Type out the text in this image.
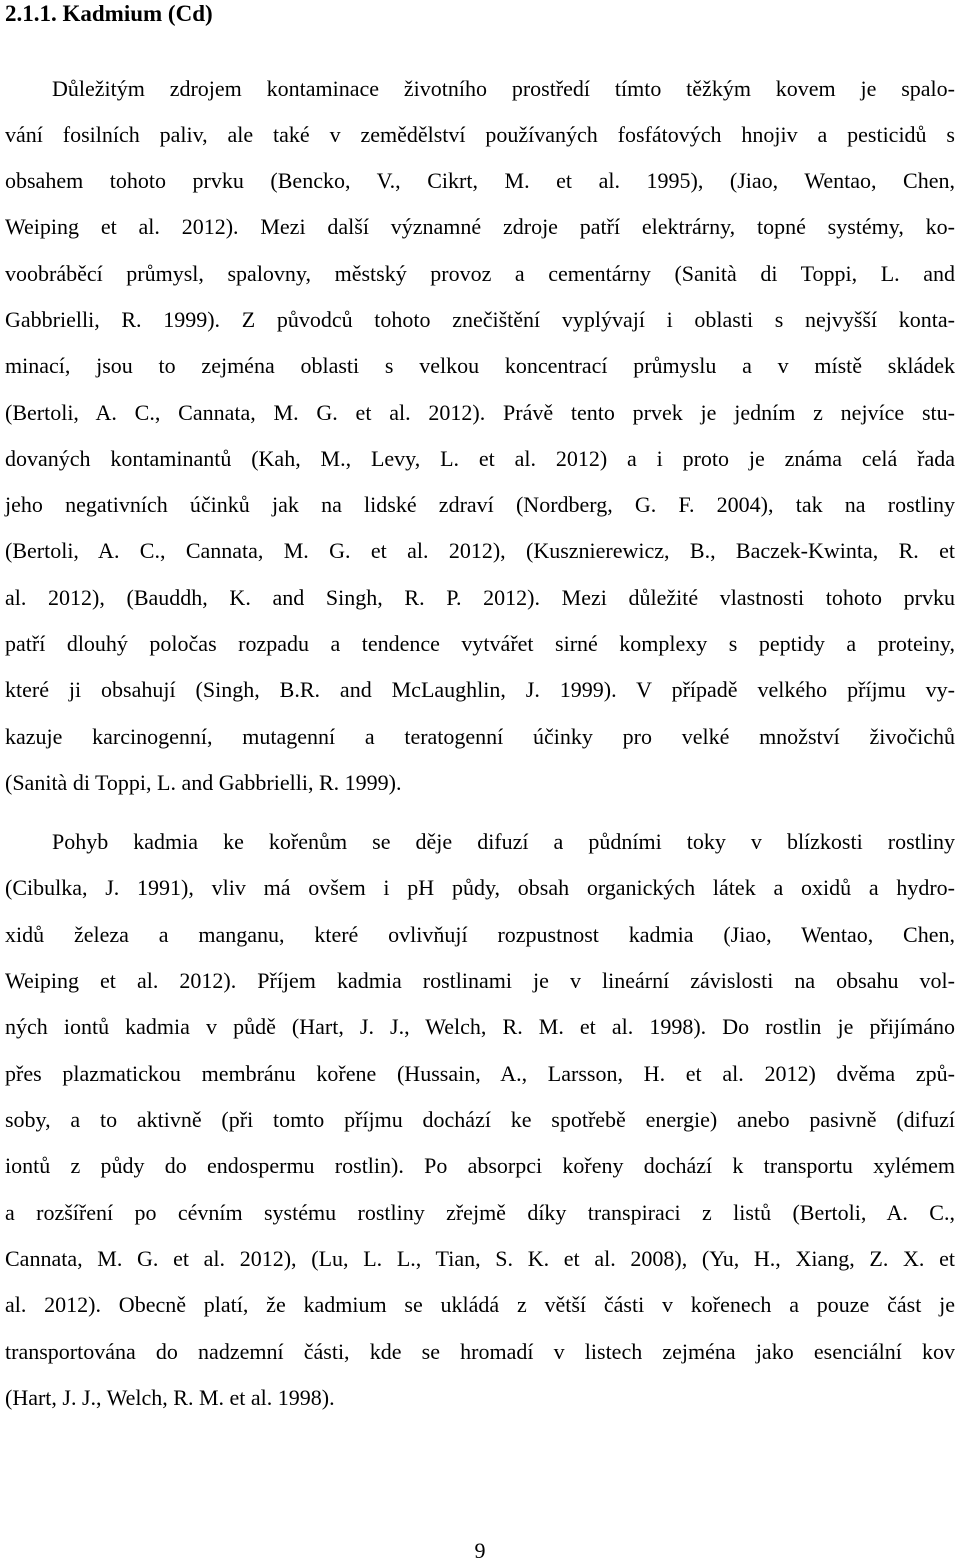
2.1.1. Kadmium (Cd)
Důležitým zdrojem kontaminace životního prostředí tímto těžkým kovem je spalo-
vání fosilních paliv, ale také v zemědělství používaných fosfátových hnojiv a pesticidů s
obsahem tohoto prvku (Bencko, V., Cikrt, M. et al. 1995), (Jiao, Wentao, Chen,
Weiping et al. 2012). Mezi další významné zdroje patří elektrárny, topné systémy, ko-
voobráběcí průmysl, spalovny, městský provoz a cementárny (Sanità di Toppi, L. and
Gabbrielli, R. 1999). Z původců tohoto znečištění vyplývají i oblasti s nejvyšší konta-
minací, jsou to zejména oblasti s velkou koncentrací průmyslu a v místě skládek
(Bertoli, A. C., Cannata, M. G. et al. 2012). Právě tento prvek je jedním z nejvíce stu-
dovaných kontaminantů (Kah, M., Levy, L. et al. 2012) a i proto je známa celá řada
jeho negativních účinků jak na lidské zdraví (Nordberg, G. F. 2004), tak na rostliny
(Bertoli, A. C., Cannata, M. G. et al. 2012), (Kusznierewicz, B., Baczek-Kwinta, R. et
al. 2012), (Bauddh, K. and Singh, R. P. 2012). Mezi důležité vlastnosti tohoto prvku
patří dlouhý poločas rozpadu a tendence vytvářet sirné komplexy s peptidy a proteiny,
které ji obsahují (Singh, B.R. and McLaughlin, J. 1999). V případě velkého příjmu vy-
kazuje karcinogenní, mutagenní a teratogenní účinky pro velké množství živočichů
(Sanità di Toppi, L. and Gabbrielli, R. 1999).
Pohyb kadmia ke kořenům se děje difuzí a půdními toky v blízkosti rostliny
(Cibulka, J. 1991), vliv má ovšem i pH půdy, obsah organických látek a oxidů a hydro-
xidů železa a manganu, které ovlivňují rozpustnost kadmia (Jiao, Wentao, Chen,
Weiping et al. 2012). Příjem kadmia rostlinami je v lineární závislosti na obsahu vol-
ných iontů kadmia v půdě (Hart, J. J., Welch, R. M. et al. 1998). Do rostlin je přijímáno
přes plazmatickou membránu kořene (Hussain, A., Larsson, H. et al. 2012) dvěma způ-
soby, a to aktivně (při tomto příjmu dochází ke spotřebě energie) anebo pasivně (difuzí
iontů z půdy do endospermu rostlin). Po absorpci kořeny dochází k transportu xylémem
a rozšíření po cévním systému rostliny zřejmě díky transpiraci z listů (Bertoli, A. C.,
Cannata, M. G. et al. 2012), (Lu, L. L., Tian, S. K. et al. 2008), (Yu, H., Xiang, Z. X. et
al. 2012). Obecně platí, že kadmium se ukládá z větší části v kořenech a pouze část je
transportována do nadzemní části, kde se hromadí v listech zejména jako esenciální kov
(Hart, J. J., Welch, R. M. et al. 1998).
9
